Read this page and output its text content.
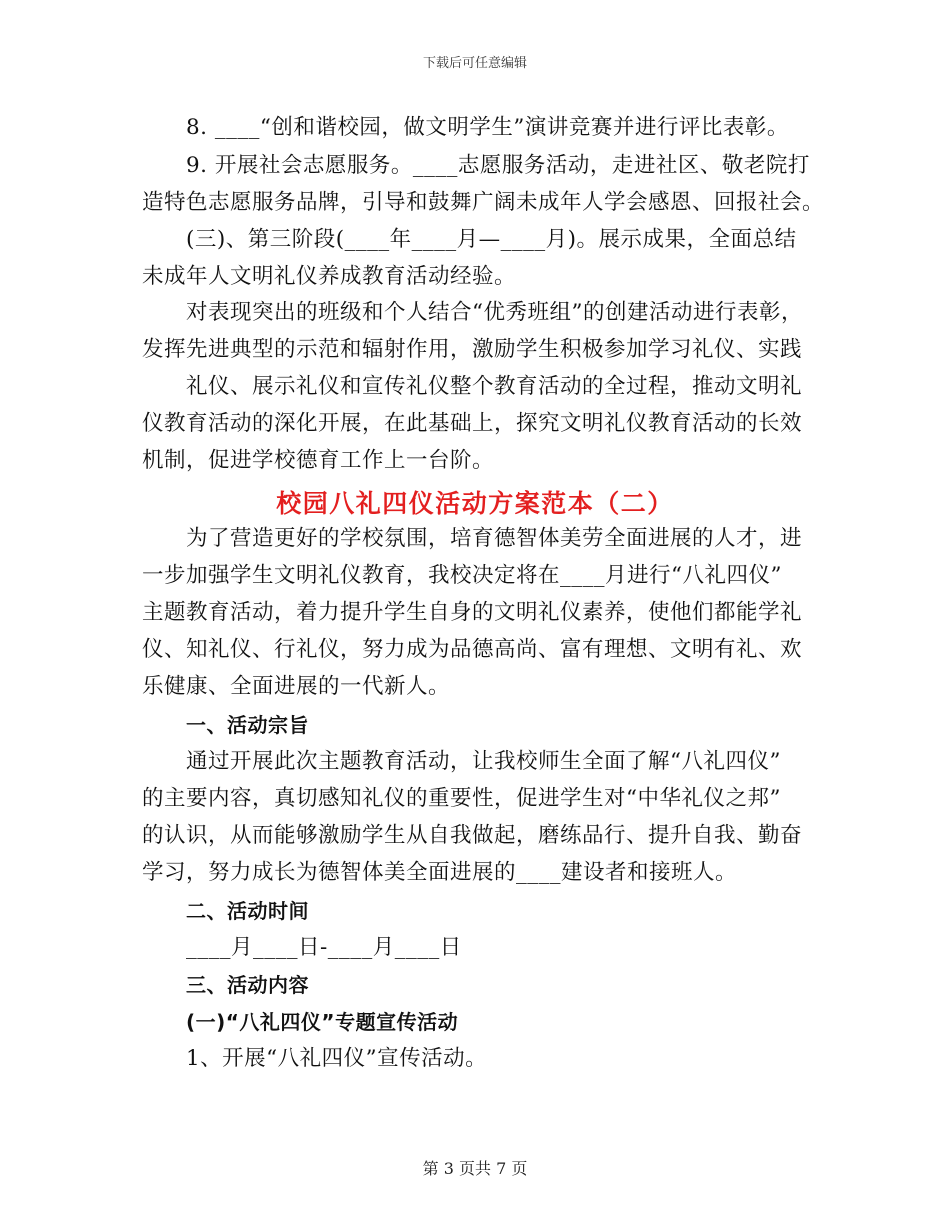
下载后可任意编辑
8. ____“创和谐校园，做文明学生”演讲竞赛并进行评比表彰。
9. 开展社会志愿服务。____志愿服务活动，走进社区、敬老院打
造特色志愿服务品牌，引导和鼓舞广阔未成年人学会感恩、回报社会。
(三)、第三阶段(____年____月—____月)。展示成果，全面总结
未成年人文明礼仪养成教育活动经验。
对表现突出的班级和个人结合“优秀班组”的创建活动进行表彰，
发挥先进典型的示范和辐射作用，激励学生积极参加学习礼仪、实践
礼仪、展示礼仪和宣传礼仪整个教育活动的全过程，推动文明礼
仪教育活动的深化开展，在此基础上，探究文明礼仪教育活动的长效
机制，促进学校德育工作上一台阶。
校园八礼四仪活动方案范本（二）
为了营造更好的学校氛围，培育德智体美劳全面进展的人才，进
一步加强学生文明礼仪教育，我校决定将在____月进行“八礼四仪”
主题教育活动，着力提升学生自身的文明礼仪素养，使他们都能学礼
仪、知礼仪、行礼仪，努力成为品德高尚、富有理想、文明有礼、欢
乐健康、全面进展的一代新人。
一、活动宗旨
通过开展此次主题教育活动，让我校师生全面了解“八礼四仪”
的主要内容，真切感知礼仪的重要性，促进学生对“中华礼仪之邦”
的认识，从而能够激励学生从自我做起，磨练品行、提升自我、勤奋
学习，努力成长为德智体美全面进展的____建设者和接班人。
二、活动时间
____月____日-____月____日
三、活动内容
(一)“八礼四仪”专题宣传活动
1、开展“八礼四仪”宣传活动。
第 3 页共 7 页
